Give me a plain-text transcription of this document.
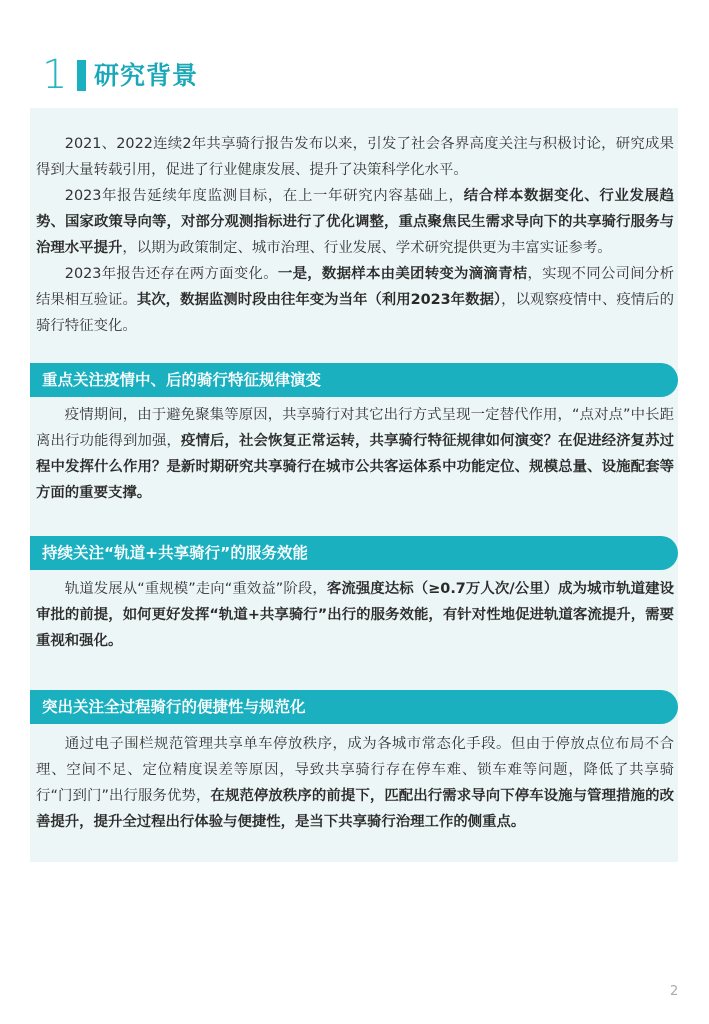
1 研究背景
2021、2022连续2年共享骑行报告发布以来，引发了社会各界高度关注与积极讨论，研究成果得到大量转载引用，促进了行业健康发展、提升了决策科学化水平。
2023年报告延续年度监测目标，在上一年研究内容基础上，结合样本数据变化、行业发展趋势、国家政策导向等，对部分观测指标进行了优化调整，重点聚焦民生需求导向下的共享骑行服务与治理水平提升，以期为政策制定、城市治理、行业发展、学术研究提供更为丰富实证参考。
2023年报告还存在两方面变化。一是，数据样本由美团转变为滴滴青桔，实现不同公司间分析结果相互验证。其次，数据监测时段由往年变为当年（利用2023年数据），以观察疫情中、疫情后的骑行特征变化。
重点关注疫情中、后的骑行特征规律演变
疫情期间，由于避免聚集等原因，共享骑行对其它出行方式呈现一定替代作用，“点对点”中长距离出行功能得到加强，疫情后，社会恢复正常运转，共享骑行特征规律如何演变？在促进经济复苏过程中发挥什么作用？是新时期研究共享骑行在城市公共客运体系中功能定位、规模总量、设施配套等方面的重要支撑。
持续关注“轨道+共享骑行”的服务效能
轨道发展从“重规模”走向“重效益”阶段，客流强度达标（≥0.7万人次/公里）成为城市轨道建设审批的前提，如何更好发挥“轨道+共享骑行”出行的服务效能，有针对性地促进轨道客流提升，需要重视和强化。
突出关注全过程骑行的便捷性与规范化
通过电子围栏规范管理共享单车停放秩序，成为各城市常态化手段。但由于停放点位布局不合理、空间不足、定位精度误差等原因，导致共享骑行存在停车难、锁车难等问题，降低了共享骑行“门到门”出行服务优势，在规范停放秩序的前提下，匹配出行需求导向下停车设施与管理措施的改善提升，提升全过程出行体验与便捷性，是当下共享骑行治理工作的侧重点。
2
